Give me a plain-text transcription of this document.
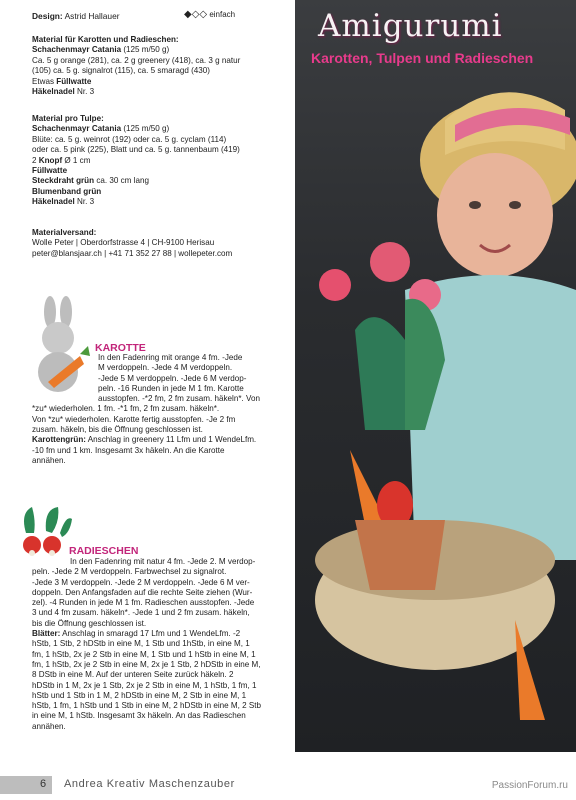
Design: Astrid Hallauer	◆◇◇ einfach

Material für Karotten und Radieschen:

Schachenmayr Catania (125 m/50 g)

Ca. 5 g orange (281), ca. 2 g greenery (418), ca. 3 g natur

(105) ca. 5 g. signalrot (115), ca. 5 smaragd (430)

Etwas Füllwatte

Häkelnadel Nr. 3

Material pro Tulpe:

Schachenmayr Catania (125 m/50 g)

Blüte: ca. 5 g. weinrot (192) oder ca. 5 g. cyclam (114)

oder ca. 5 pink (225), Blatt und ca. 5 g. tannenbaum (419)

2 Knopf Ø 1 cm

Füllwatte

Steckdraht grün ca. 30 cm lang

Blumenband grün

Häkelnadel Nr. 3

Materialversand:

Wolle Peter | Oberdorfstrasse 4 | CH-9100 Herisau

peter@blansjaar.ch | +41 71 352 27 88 | wollepeter.com

Amigurumi
Karotten, Tulpen und Radieschen
KAROTTE

In den Fadenring mit orange 4 fm. -Jede

M verdoppeln. -Jede 4 M verdoppeln.

-Jede 5 M verdoppeln. -Jede 6 M verdop-

peln. -16 Runden in jede M 1 fm. Karotte

ausstopfen. -*2 fm, 2 fm zusam. häkeln*. Von

*zu* wiederholen. 1 fm. -*1 fm, 2 fm zusam. häkeln*.

Von *zu* wiederholen. Karotte fertig ausstopfen. -Je 2 fm

zusam. häkeln, bis die Öffnung geschlossen ist.

Karottengrün: Anschlag in greenery 11 Lfm und 1 WendeLfm.

-10 fm und 1 km. Insgesamt 3x häkeln. An die Karotte

annähen.

RADIESCHEN

In den Fadenring mit natur 4 fm. -Jede 2. M verdop-

peln. -Jede 2 M verdoppeln. Farbwechsel zu signalrot.

-Jede 3 M verdoppeln. -Jede 2 M verdoppeln. -Jede 6 M ver-

doppeln. Den Anfangsfaden auf die rechte Seite ziehen (Wur-

zel). -4 Runden in jede M 1 fm. Radieschen ausstopfen. -Jede

3 und 4 fm zusam. häkeln*. -Jede 1 und 2 fm zusam. häkeln,

bis die Öffnung geschlossen ist.

Blätter: Anschlag in smaragd 17 Lfm und 1 WendeLfm. -2

hStb, 1 Stb, 2 hDStb in eine M, 1 Stb und 1hStb, in eine M, 1

fm, 1 hStb, 2x je 2 Stb in eine M, 1 Stb und 1 hStb in eine M, 1

fm, 1 hStb, 2x je 2 Stb in eine M, 2x je 1 Stb, 2 hDStb in eine M,

8 DStb in eine M. Auf der unteren Seite zurück häkeln. 2

hDStb in 1 M, 2x je 1 Stb, 2x je 2 Stb in eine M, 1 hStb, 1 fm, 1

hStb und 1 Stb in 1 M, 2 hDStb in eine M, 2 Stb in eine M, 1

hStb, 1 fm, 1 hStb und 1 Stb in eine M, 2 hDStb in eine M, 2 Stb

in eine M, 1 hStb. Insgesamt 3x häkeln. An das Radieschen

annähen.

6 Andrea Kreativ Maschenzauber	PassionForum.ru
